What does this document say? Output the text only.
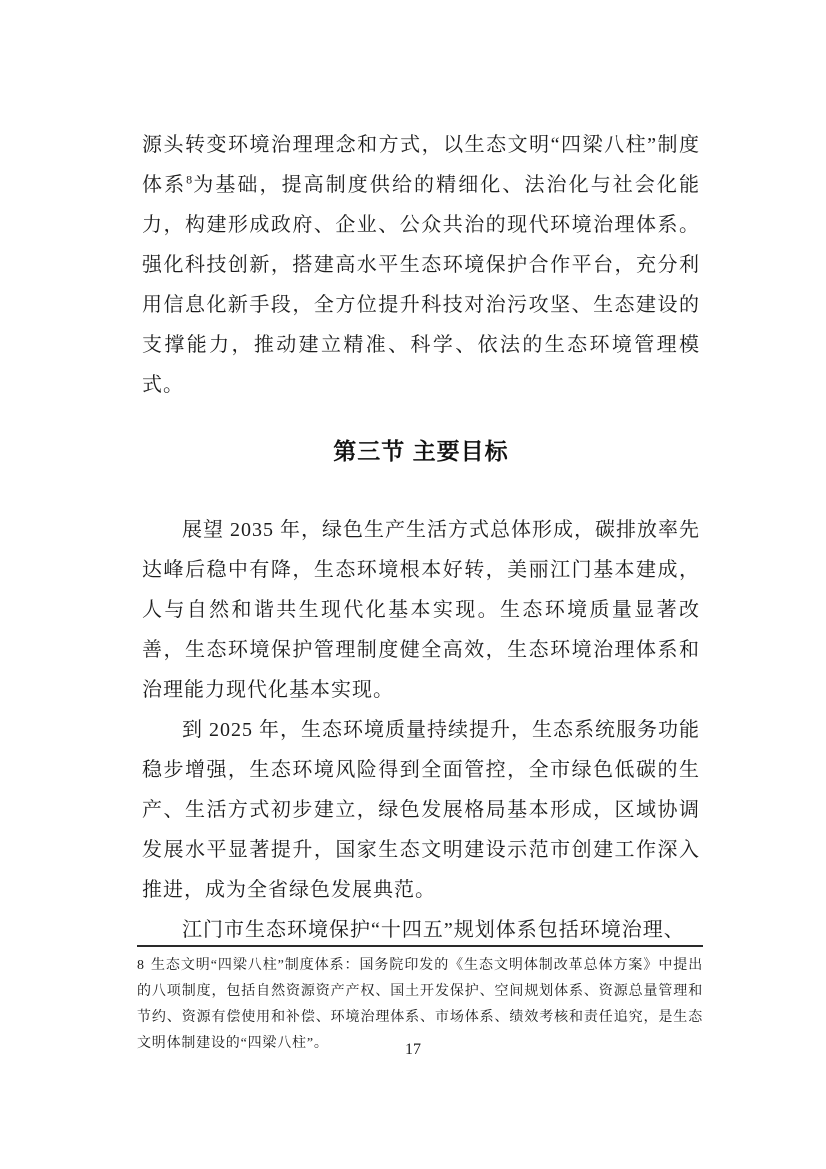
源头转变环境治理理念和方式，以生态文明“四梁八柱”制度体系$^8$为基础，提高制度供给的精细化、法治化与社会化能力，构建形成政府、企业、公众共治的现代环境治理体系。强化科技创新，搭建高水平生态环境保护合作平台，充分利用信息化新手段，全方位提升科技对治污攻坚、生态建设的支撑能力，推动建立精准、科学、依法的生态环境管理模式。

第三节 主要目标

展望 2035 年，绿色生产生活方式总体形成，碳排放率先达峰后稳中有降，生态环境根本好转，美丽江门基本建成，人与自然和谐共生现代化基本实现。生态环境质量显著改善，生态环境保护管理制度健全高效，生态环境治理体系和治理能力现代化基本实现。

到 2025 年，生态环境质量持续提升，生态系统服务功能稳步增强，生态环境风险得到全面管控，全市绿色低碳的生产、生活方式初步建立，绿色发展格局基本形成，区域协调发展水平显著提升，国家生态文明建设示范市创建工作深入推进，成为全省绿色发展典范。

江门市生态环境保护“十四五”规划体系包括环境治理、

8 生态文明“四梁八柱”制度体系：国务院印发的《生态文明体制改革总体方案》中提出的八项制度，包括自然资源资产产权、国土开发保护、空间规划体系、资源总量管理和节约、资源有偿使用和补偿、环境治理体系、市场体系、绩效考核和责任追究，是生态文明体制建设的“四梁八柱”。	17
